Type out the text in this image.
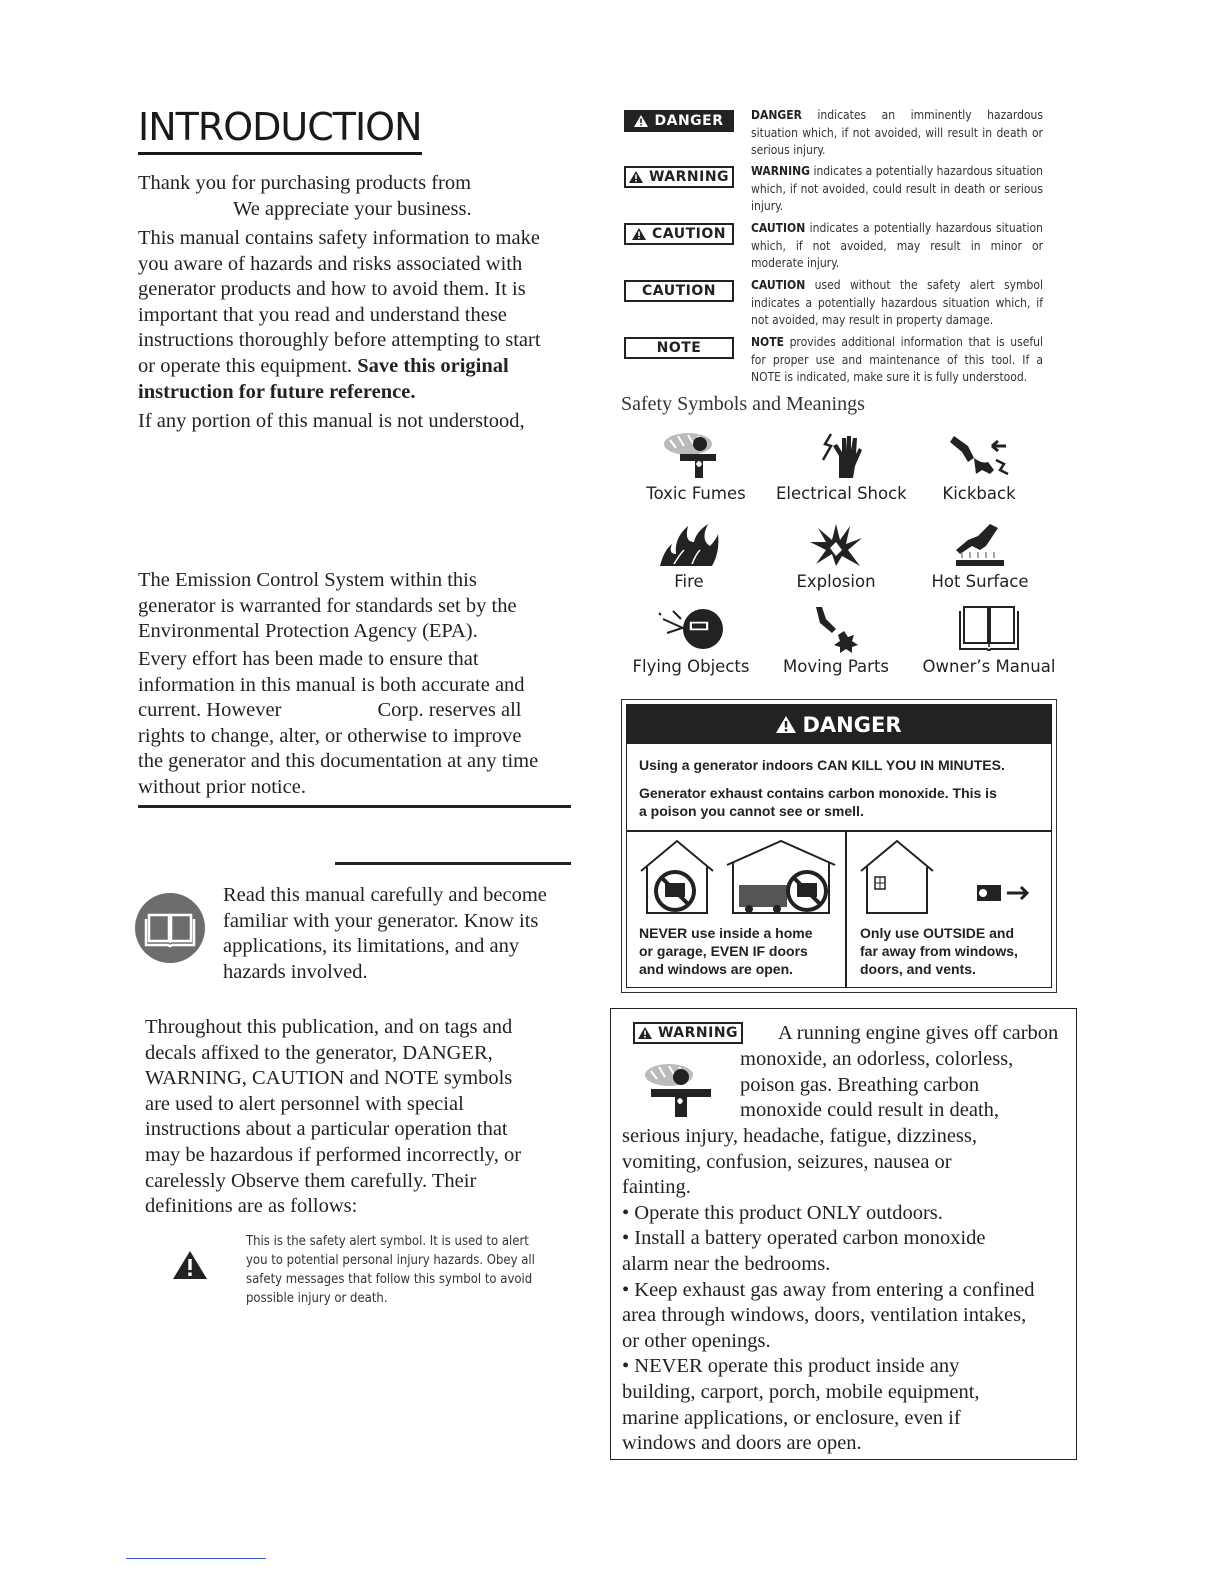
INTRODUCTION

Thank you for purchasing products from

We appreciate your business.

This manual contains safety information to make

you aware of hazards and risks associated with

generator products and how to avoid them. It is

important that you read and understand these

instructions thoroughly before attempting to start

or operate this equipment. Save this original

instruction for future reference.

If any portion of this manual is not understood,

The Emission Control System within this

generator is warranted for standards set by the

Environmental Protection Agency (EPA).

Every effort has been made to ensure that

information in this manual is both accurate and

current. However	Corp. reserves all

rights to change, alter, or otherwise to improve

the generator and this documentation at any time

without prior notice.

Read this manual carefully and become

familiar with your generator. Know its

applications, its limitations, and any

hazards involved.

Throughout this publication, and on tags and

decals affixed to the generator, DANGER,

WARNING, CAUTION and NOTE symbols

are used to alert personnel with special

instructions about a particular operation that

may be hazardous if performed incorrectly, or

carelessly Observe them carefully. Their

definitions are as follows:

This is the safety alert symbol. It is used to alert
you to potential personal injury hazards. Obey all
safety messages that follow this symbol to avoid
possible injury or death.
DANGER DANGER indicates an imminently hazardous situation which, if not avoided, will result in death or serious injury.
WARNING WARNING indicates a potentially hazardous situation which, if not avoided, could result in death or serious injury.
CAUTION CAUTION indicates a potentially hazardous situation which, if not avoided, may result in minor or moderate injury.
CAUTION	CAUTION used without the safety alert symbol indicates a potentially hazardous situation which, if not avoided, may result in property damage.
NOTE	NOTE provides additional information that is useful for proper use and maintenance of this tool. If a NOTE is indicated, make sure it is fully understood.
Safety Symbols and Meanings
Toxic Fumes	Electrical Shock	Kickback
Fire	Explosion	Hot Surface
Flying Objects	Moving Parts	Owner’s Manual
DANGER
Using a generator indoors CAN KILL YOU IN MINUTES.
Generator exhaust contains carbon monoxide. This is
a poison you cannot see or smell.
NEVER use inside a home
or garage, EVEN IF doors
and windows are open.
Only use OUTSIDE and
far away from windows,
doors, and vents.
WARNING A running engine gives off carbon
monoxide, an odorless, colorless,
poison gas. Breathing carbon
monoxide could result in death,
serious injury, headache, fatigue, dizziness,
vomiting, confusion, seizures, nausea or
fainting.
• Operate this product ONLY outdoors.
• Install a battery operated carbon monoxide
alarm near the bedrooms.
• Keep exhaust gas away from entering a confined
area through windows, doors, ventilation intakes,
or other openings.
• NEVER operate this product inside any
building, carport, porch, mobile equipment,
marine applications, or enclosure, even if
windows and doors are open.
